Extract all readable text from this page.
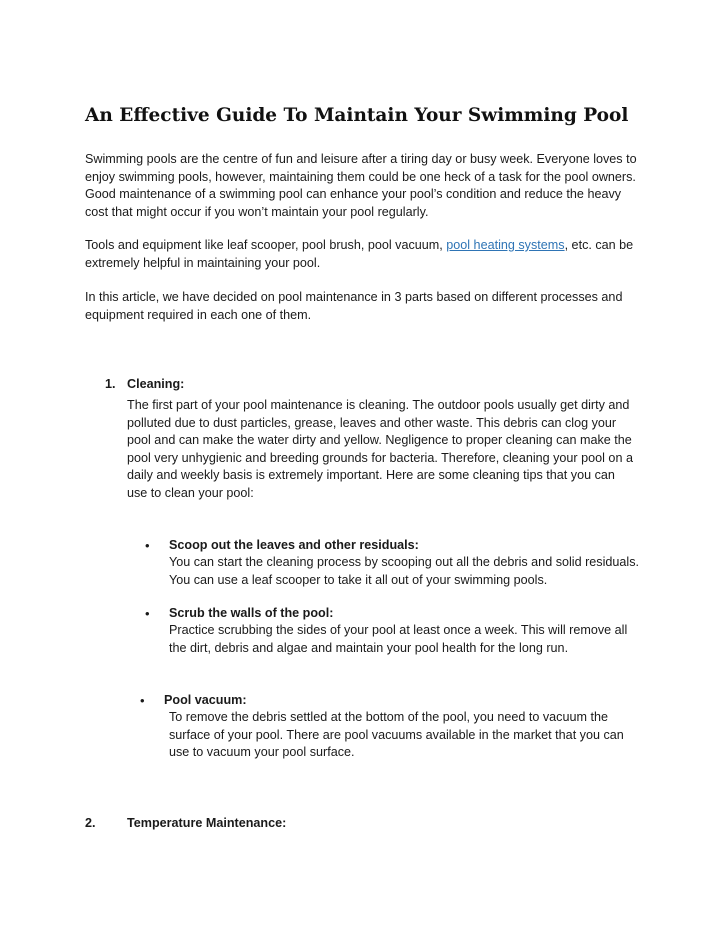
An Effective Guide To Maintain Your Swimming Pool

Swimming pools are the centre of fun and leisure after a tiring day or busy week. Everyone loves to enjoy swimming pools, however, maintaining them could be one heck of a task for the pool owners. Good maintenance of a swimming pool can enhance your pool’s condition and reduce the heavy cost that might occur if you won’t maintain your pool regularly.

Tools and equipment like leaf scooper, pool brush, pool vacuum, pool heating systems, etc. can be extremely helpful in maintaining your pool.

In this article, we have decided on pool maintenance in 3 parts based on different processes and equipment required in each one of them.

1. Cleaning:

The first part of your pool maintenance is cleaning. The outdoor pools usually get dirty and polluted due to dust particles, grease, leaves and other waste. This debris can clog your pool and can make the water dirty and yellow. Negligence to proper cleaning can make the pool very unhygienic and breeding grounds for bacteria. Therefore, cleaning your pool on a daily and weekly basis is extremely important. Here are some cleaning tips that you can use to clean your pool:

• Scoop out the leaves and other residuals:

You can start the cleaning process by scooping out all the debris and solid residuals. You can use a leaf scooper to take it all out of your swimming pools.

• Scrub the walls of the pool:

Practice scrubbing the sides of your pool at least once a week. This will remove all the dirt, debris and algae and maintain your pool health for the long run.

• Pool vacuum:

To remove the debris settled at the bottom of the pool, you need to vacuum the surface of your pool. There are pool vacuums available in the market that you can use to vacuum your pool surface.

2. Temperature Maintenance:
